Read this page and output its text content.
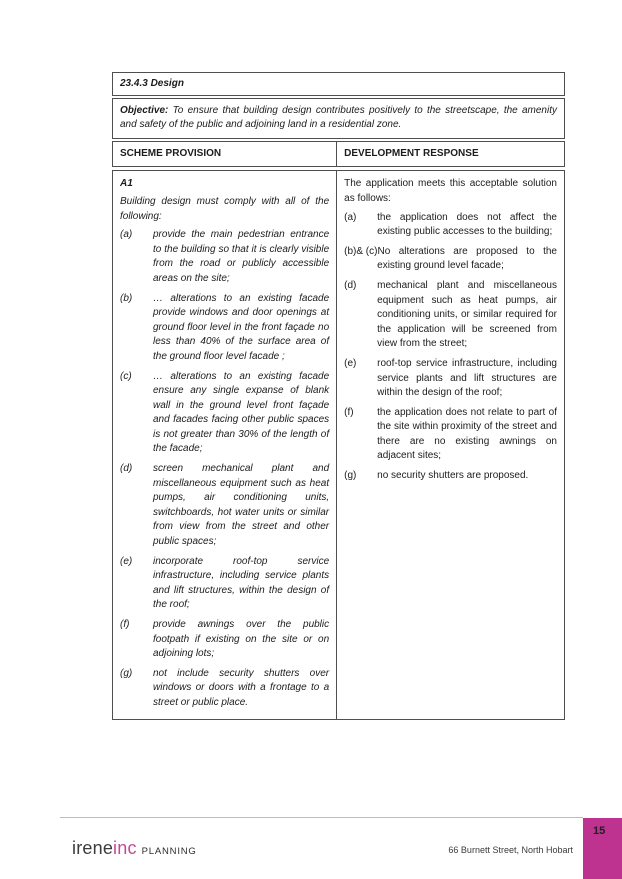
23.4.3 Design
Objective: To ensure that building design contributes positively to the streetscape, the amenity and safety of the public and adjoining land in a residential zone.
SCHEME PROVISION	DEVELOPMENT RESPONSE
A1
Building design must comply with all of the following:
(a) provide the main pedestrian entrance to the building so that it is clearly visible from the road or publicly accessible areas on the site;
(b) … alterations to an existing facade provide windows and door openings at ground floor level in the front façade no less than 40% of the surface area of the ground floor level facade ;
(c) … alterations to an existing facade ensure any single expanse of blank wall in the ground level front façade and facades facing other public spaces is not greater than 30% of the length of the facade;
(d) screen mechanical plant and miscellaneous equipment such as heat pumps, air conditioning units, switchboards, hot water units or similar from view from the street and other public spaces;
(e) incorporate roof-top service infrastructure, including service plants and lift structures, within the design of the roof;
(f) provide awnings over the public footpath if existing on the site or on adjoining lots;
(g) not include security shutters over windows or doors with a frontage to a street or public place.
The application meets this acceptable solution as follows:
(a) the application does not affect the existing public accesses to the building;
(b)& (c)No alterations are proposed to the existing ground level facade;
(d) mechanical plant and miscellaneous equipment such as heat pumps, air conditioning units, or similar required for the application will be screened from view from the street;
(e) roof-top service infrastructure, including service plants and lift structures are within the design of the roof;
(f) the application does not relate to part of the site within proximity of the street and there are no existing awnings on adjacent sites;
(g) no security shutters are proposed.
ireneinc PLANNING	66 Burnett Street, North Hobart
15
